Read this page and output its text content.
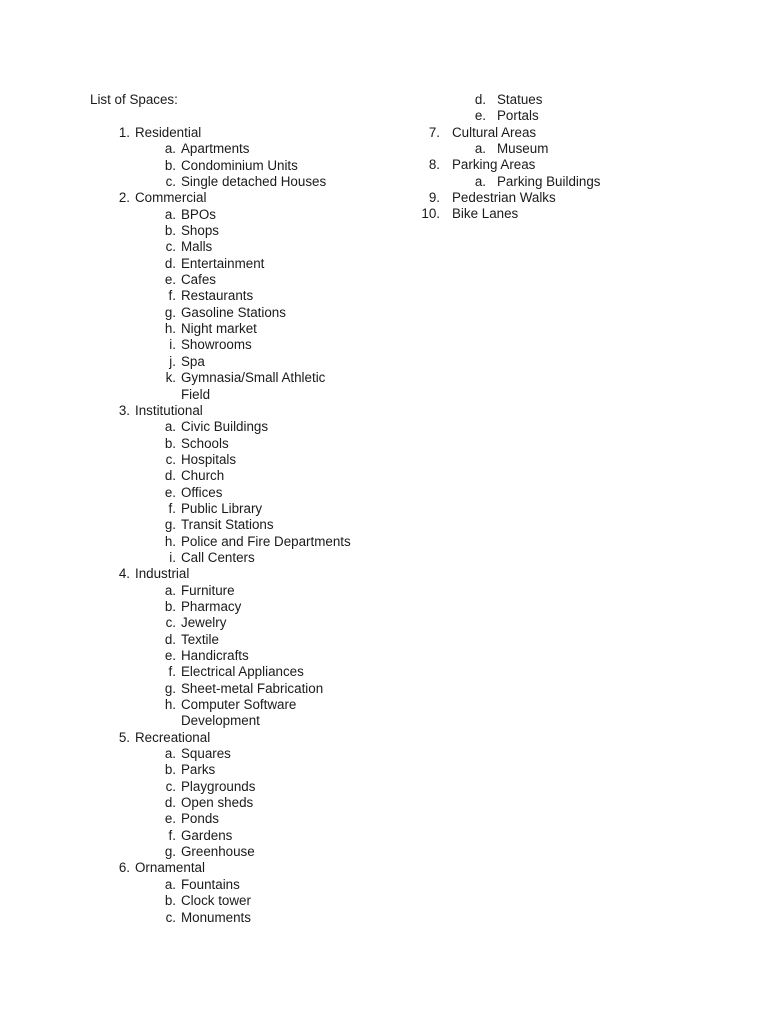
List of Spaces:
1. Residential
a. Apartments
b. Condominium Units
c. Single detached Houses
2. Commercial
a. BPOs
b. Shops
c. Malls
d. Entertainment
e. Cafes
f. Restaurants
g. Gasoline Stations
h. Night market
i. Showrooms
j. Spa
k. Gymnasia/Small Athletic Field
3. Institutional
a. Civic Buildings
b. Schools
c. Hospitals
d. Church
e. Offices
f. Public Library
g. Transit Stations
h. Police and Fire Departments
i. Call Centers
4. Industrial
a. Furniture
b. Pharmacy
c. Jewelry
d. Textile
e. Handicrafts
f. Electrical Appliances
g. Sheet-metal Fabrication
h. Computer Software Development
5. Recreational
a. Squares
b. Parks
c. Playgrounds
d. Open sheds
e. Ponds
f. Gardens
g. Greenhouse
6. Ornamental
a. Fountains
b. Clock tower
c. Monuments
d. Statues
e. Portals
7. Cultural Areas
a. Museum
8. Parking Areas
a. Parking Buildings
9. Pedestrian Walks
10. Bike Lanes
